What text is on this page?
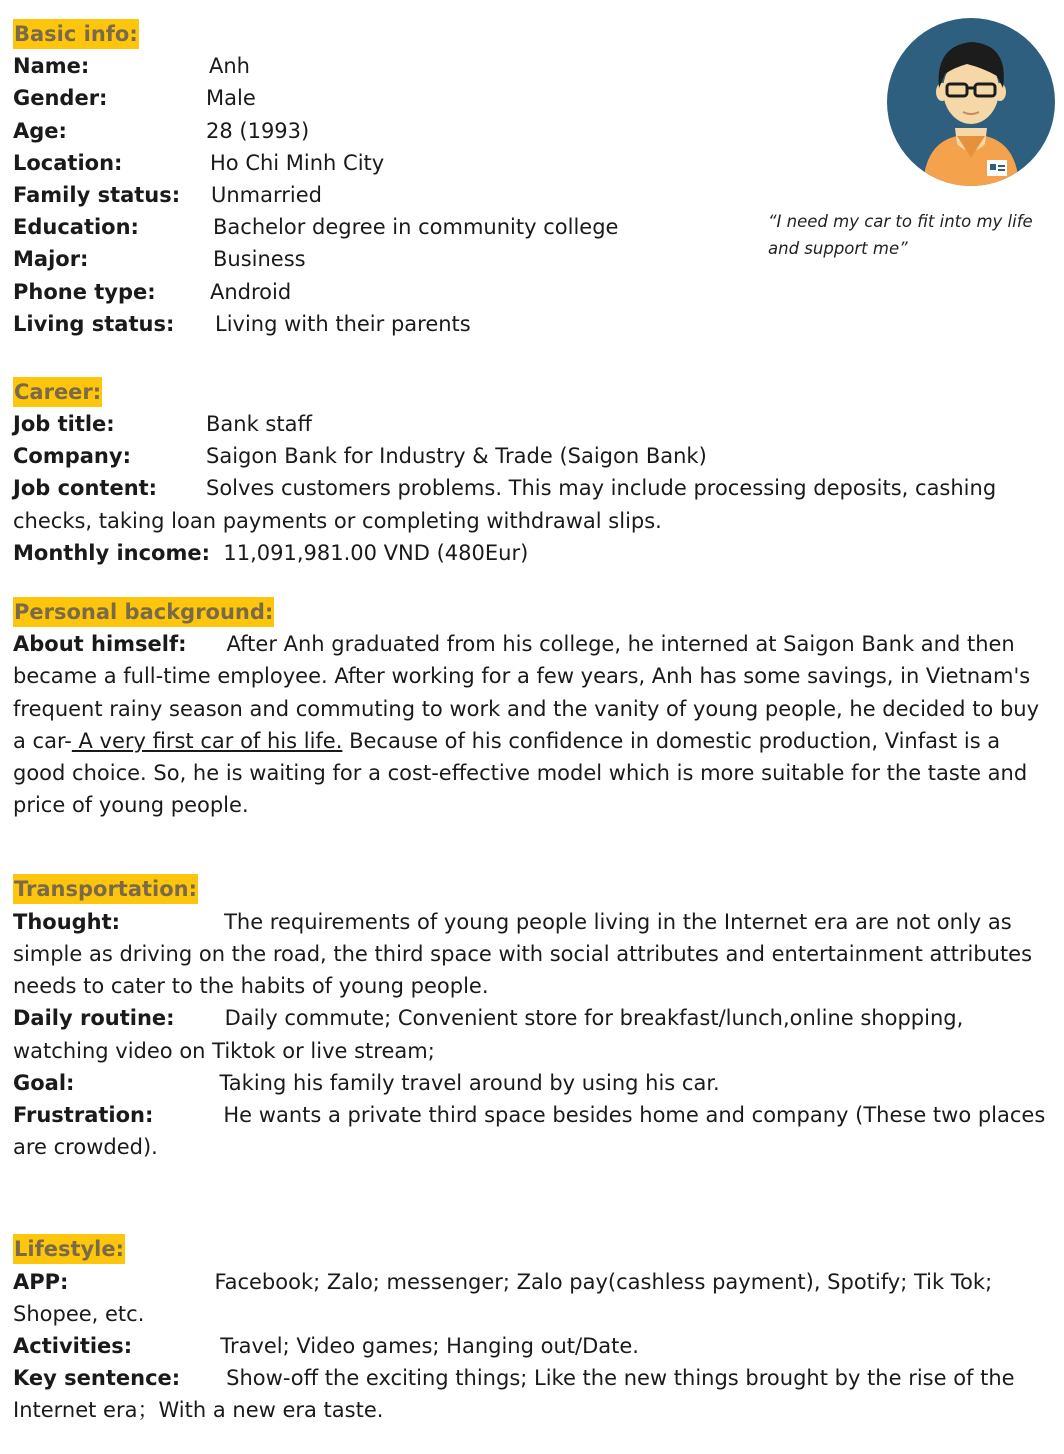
“I need my car to fit into my life and support me”
Basic info:
Name:	Anh
Gender:	Male
Age:	28 (1993)
Location:	Ho Chi Minh City
Family status: Unmarried
Education:	Bachelor degree in community college
Major:	Business
Phone type:	Android
Living status: Living with their parents
Career:
Job title:	Bank staff
Company:	Saigon Bank for Industry & Trade (Saigon Bank)
Job content: Solves customers problems. This may include processing deposits, cashing
checks, taking loan payments or completing withdrawal slips.
Monthly income: 11,091,981.00 VND (480Eur)
Personal background:
About himself: After Anh graduated from his college, he interned at Saigon Bank and then became a full-time employee. After working for a few years, Anh has some savings, in Vietnam's frequent rainy season and commuting to work and the vanity of young people, he decided to buy a car- A very first car of his life. Because of his confidence in domestic production, Vinfast is a good choice. So, he is waiting for a cost-effective model which is more suitable for the taste and price of young people.
Transportation:
Thought:	The requirements of young people living in the Internet era are not only as simple as driving on the road, the third space with social attributes and entertainment attributes needs to cater to the habits of young people.
Daily routine: Daily commute; Convenient store for breakfast/lunch,online shopping, watching video on Tiktok or live stream;
Goal:	Taking his family travel around by using his car.
Frustration:	He wants a private third space besides home and company (These two places are crowded).
Lifestyle:
APP:	Facebook; Zalo; messenger; Zalo pay(cashless payment), Spotify; Tik Tok; Shopee, etc.
Activities:	Travel; Video games; Hanging out/Date.
Key sentence: Show-off the exciting things; Like the new things brought by the rise of the Internet era；With a new era taste.
